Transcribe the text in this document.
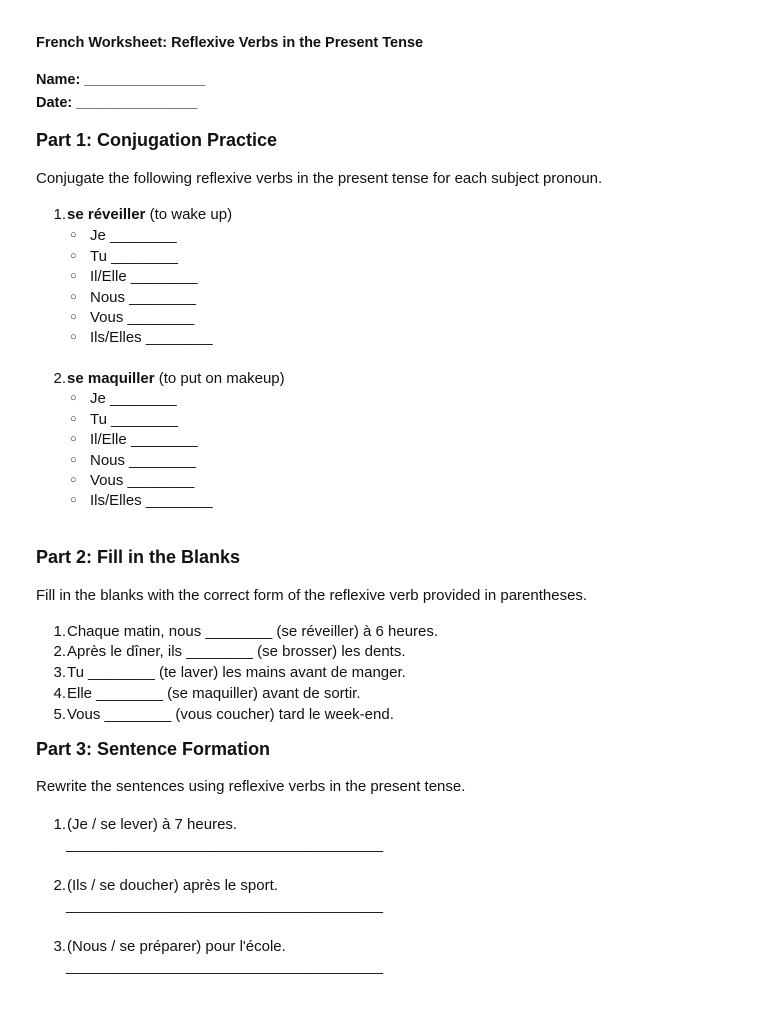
French Worksheet: Reflexive Verbs in the Present Tense
Name: _______________
Date: _______________
Part 1: Conjugation Practice
Conjugate the following reflexive verbs in the present tense for each subject pronoun.
1. se réveiller (to wake up)
○ Je ________
○ Tu ________
○ Il/Elle ________
○ Nous ________
○ Vous ________
○ Ils/Elles ________
2. se maquiller (to put on makeup)
○ Je ________
○ Tu ________
○ Il/Elle ________
○ Nous ________
○ Vous ________
○ Ils/Elles ________
Part 2: Fill in the Blanks
Fill in the blanks with the correct form of the reflexive verb provided in parentheses.
1. Chaque matin, nous ________ (se réveiller) à 6 heures.
2. Après le dîner, ils ________ (se brosser) les dents.
3. Tu ________ (te laver) les mains avant de manger.
4. Elle ________ (se maquiller) avant de sortir.
5. Vous ________ (vous coucher) tard le week-end.
Part 3: Sentence Formation
Rewrite the sentences using reflexive verbs in the present tense.
1. (Je / se lever) à 7 heures.
______________________________________
2. (Ils / se doucher) après le sport.
______________________________________
3. (Nous / se préparer) pour l'école.
______________________________________
